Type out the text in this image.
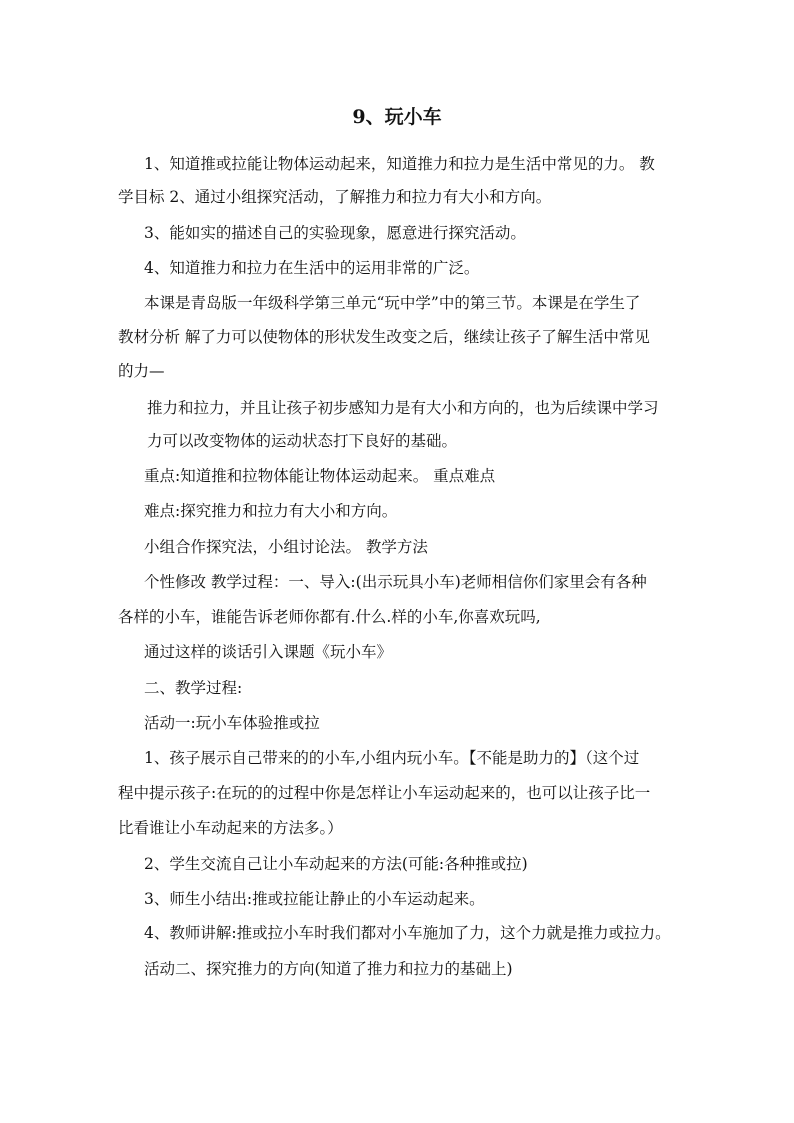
9、玩小车
1、知道推或拉能让物体运动起来，知道推力和拉力是生活中常见的力。 教
学目标 2、通过小组探究活动，了解推力和拉力有大小和方向。
3、能如实的描述自己的实验现象，愿意进行探究活动。
4、知道推力和拉力在生活中的运用非常的广泛。
本课是青岛版一年级科学第三单元“玩中学”中的第三节。本课是在学生了
教材分析 解了力可以使物体的形状发生改变之后，继续让孩子了解生活中常见
的力—
推力和拉力，并且让孩子初步感知力是有大小和方向的，也为后续课中学习
力可以改变物体的运动状态打下良好的基础。
重点:知道推和拉物体能让物体运动起来。 重点难点
难点:探究推力和拉力有大小和方向。
小组合作探究法，小组讨论法。 教学方法
个性修改 教学过程：一、导入:(出示玩具小车)老师相信你们家里会有各种
各样的小车，谁能告诉老师你都有.什么.样的小车,你喜欢玩吗,
通过这样的谈话引入课题《玩小车》
二、教学过程:
活动一:玩小车体验推或拉
1、孩子展示自己带来的的小车,小组内玩小车。【不能是助力的】（这个过
程中提示孩子:在玩的的过程中你是怎样让小车运动起来的，也可以让孩子比一
比看谁让小车动起来的方法多。）
2、学生交流自己让小车动起来的方法(可能:各种推或拉)
3、师生小结出:推或拉能让静止的小车运动起来。
4、教师讲解:推或拉小车时我们都对小车施加了力，这个力就是推力或拉力。
活动二、探究推力的方向(知道了推力和拉力的基础上)
